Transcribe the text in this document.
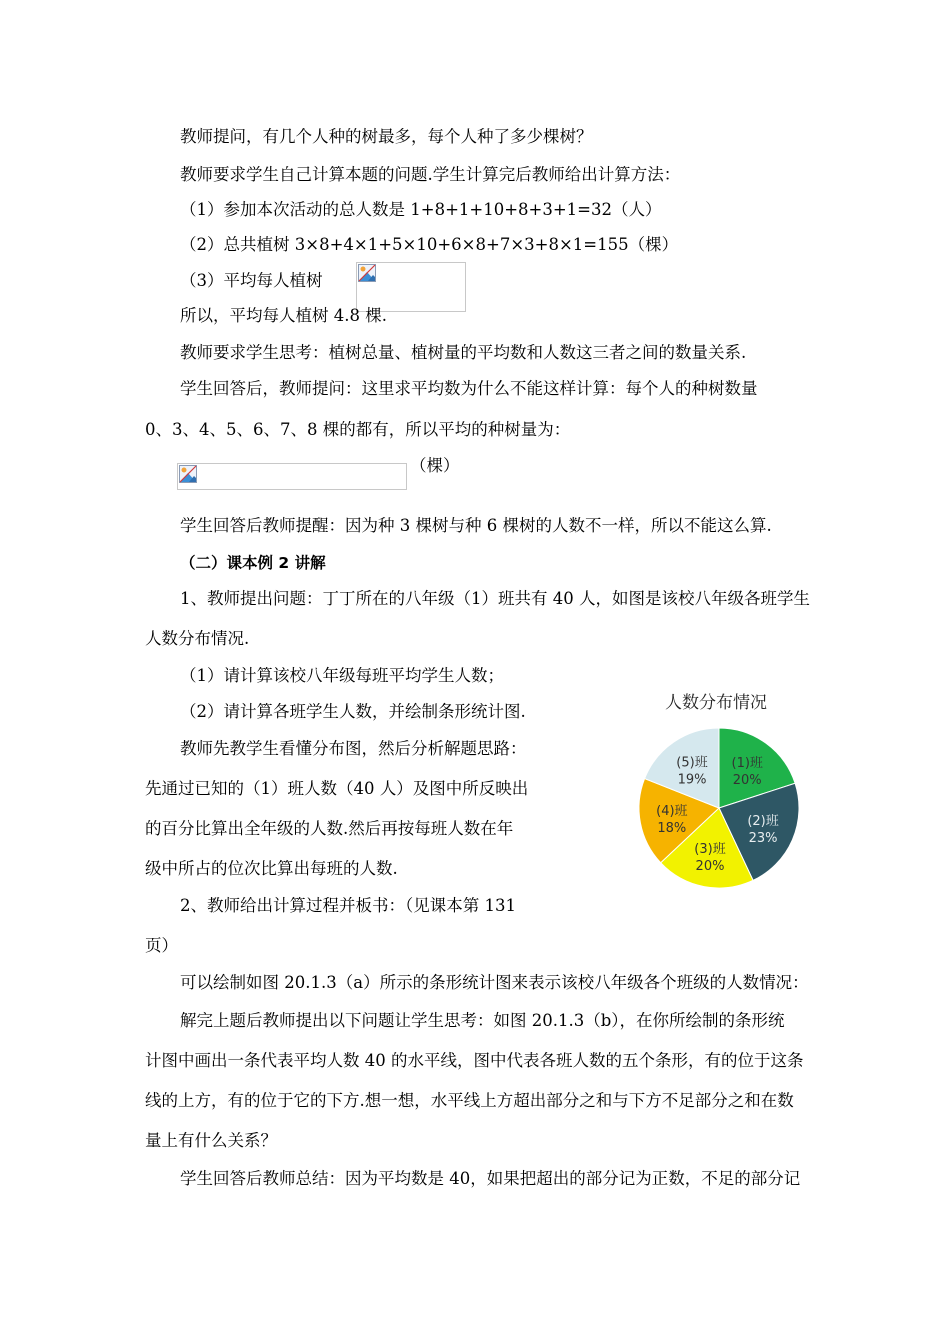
教师提问，有几个人种的树最多，每个人种了多少棵树？
教师要求学生自己计算本题的问题.学生计算完后教师给出计算方法：
（1）参加本次活动的总人数是 1+8+1+10+8+3+1=32（人）
（2）总共植树 3×8+4×1+5×10+6×8+7×3+8×1=155（棵）
（3）平均每人植树
所以，平均每人植树 4.8 棵.
教师要求学生思考：植树总量、植树量的平均数和人数这三者之间的数量关系.
学生回答后，教师提问：这里求平均数为什么不能这样计算：每个人的种树数量
0、3、4、5、6、7、8 棵的都有，所以平均的种树量为：
（棵）
学生回答后教师提醒：因为种 3 棵树与种 6 棵树的人数不一样，所以不能这么算.
（二）课本例 2 讲解
1、教师提出问题：丁丁所在的八年级（1）班共有 40 人，如图是该校八年级各班学生
人数分布情况.
（1）请计算该校八年级每班平均学生人数；
（2）请计算各班学生人数，并绘制条形统计图.
教师先教学生看懂分布图，然后分析解题思路：
先通过已知的（1）班人数（40 人）及图中所反映出
的百分比算出全年级的人数.然后再按每班人数在年
级中所占的位次比算出每班的人数.
2、教师给出计算过程并板书：（见课本第 131
页）
可以绘制如图 20.1.3（a）所示的条形统计图来表示该校八年级各个班级的人数情况：
解完上题后教师提出以下问题让学生思考：如图 20.1.3（b），在你所绘制的条形统
计图中画出一条代表平均人数 40 的水平线，图中代表各班人数的五个条形，有的位于这条
线的上方，有的位于它的下方.想一想，水平线上方超出部分之和与下方不足部分之和在数
量上有什么关系？
学生回答后教师总结：因为平均数是 40，如果把超出的部分记为正数，不足的部分记
人数分布情况
(1)班
20%
(2)班
23%
(3)班
20%
(4)班
18%
(5)班
19%
